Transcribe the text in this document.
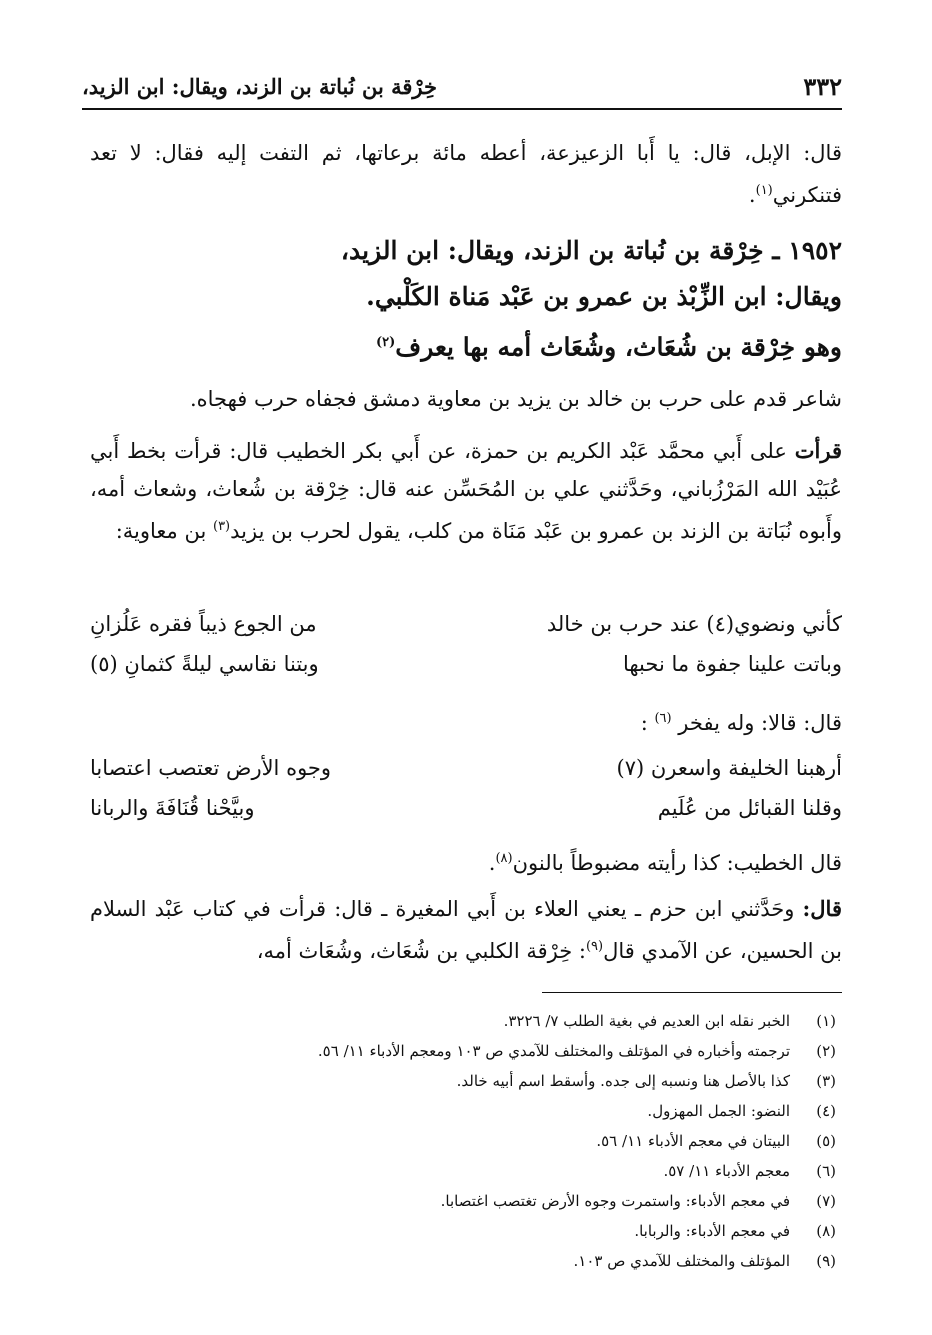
٣٣٢
خِرْقة بن نُباتة بن الزند، ويقال: ابن الزيد،
قال: الإبل، قال: يا أَبا الزعيزعة، أعطه مائة برعاتها، ثم التفت إليه فقال: لا تعد فتنكرني$^{(١)}$.
١٩٥٢ ـ خِرْقة بن نُباتة بن الزند، ويقال: ابن الزيد،
ويقال: ابن الزِّبْذ بن عمرو بن عَبْد مَناة الكَلْبي.
وهو خِرْقة بن شُعَاث، وشُعَاث أمه بها يعرف$^{(٢)}$
شاعر قدم على حرب بن خالد بن يزيد بن معاوية دمشق فجفاه حرب فهجاه.
قرأت على أَبي محمَّد عَبْد الكريم بن حمزة، عن أَبي بكر الخطيب قال: قرأت بخط أَبي عُبَيْد الله المَرْزُباني، وحَدَّثني علي بن المُحَسِّن عنه قال: خِرْقة بن شُعاث، وشعاث أمه، وأَبوه نُبَاتة بن الزند بن عمرو بن عَبْد مَنَاة من كلب، يقول لحرب بن يزيد$^{(٣)}$ بن معاوية:
كأني ونضوي(٤) عند حرب بن خالد
من الجوع ذيباً فقره عَلُزانِ
وباتت علينا جفوة ما نحبها
وبتنا نقاسي ليلةً كثمانِ (٥)
قال: قالا: وله يفخر $^{(٦)}$ :
أرهبنا الخليفة واسعرن (٧)
وجوه الأرض تعتصب اعتصابا
وقلنا القبائل من عُلَيم
وبيَّحْنا قُنَافَةَ والربانا
قال الخطيب: كذا رأيته مضبوطاً بالنون$^{(٨)}$.
قال: وحَدَّثني ابن حزم ـ يعني العلاء بن أَبي المغيرة ـ قال: قرأت في كتاب عَبْد السلام بن الحسين، عن الآمدي قال$^{(٩)}$: خِرْقة الكلبي بن شُعَاث، وشُعَاث أمه،
(١)
الخبر نقله ابن العديم في بغية الطلب ٧/ ٣٢٢٦.
(٢)
ترجمته وأخباره في المؤتلف والمختلف للآمدي ص ١٠٣ ومعجم الأدباء ١١/ ٥٦.
(٣)
كذا بالأصل هنا ونسبه إلى جده. وأسقط اسم أبيه خالد.
(٤)
النضو: الجمل المهزول.
(٥)
البيتان في معجم الأدباء ١١/ ٥٦.
(٦)
معجم الأدباء ١١/ ٥٧.
(٧)
في معجم الأدباء: واستمرت وجوه الأرض تغتصب اغتصابا.
(٨)
في معجم الأدباء: والربابا.
(٩)
المؤتلف والمختلف للآمدي ص ١٠٣.
